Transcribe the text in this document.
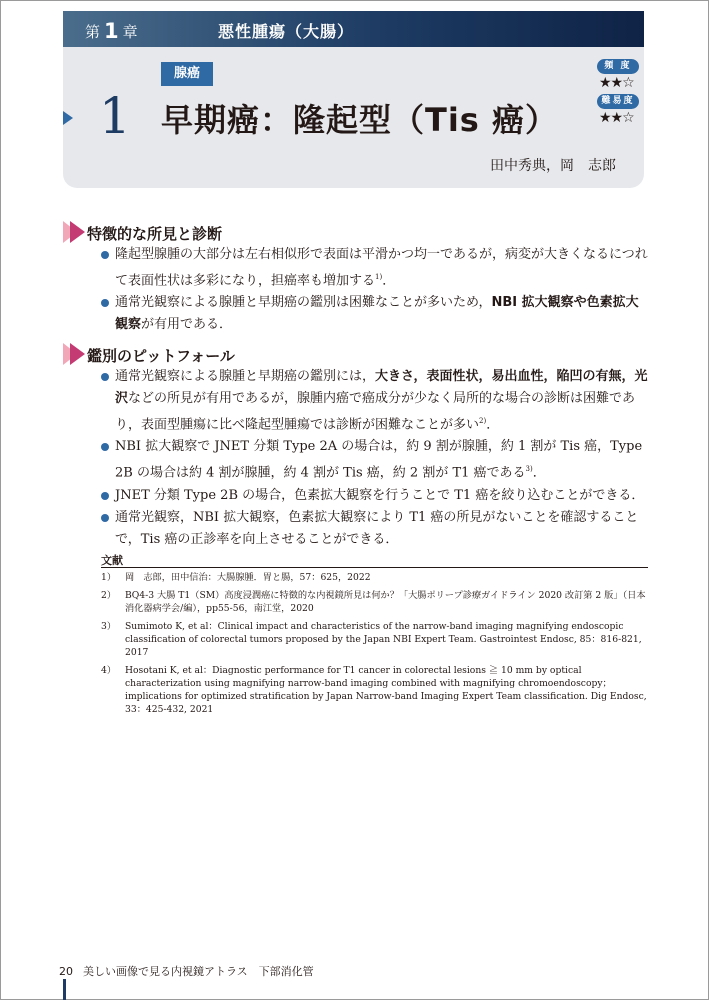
第 1 章	悪性腫瘍（大腸）
1
腺癌
早期癌：隆起型（Tis 癌）
田中秀典，岡　志郎
頻 度
★★☆
難易度
★★☆
特徴的な所見と診断
隆起型腺腫の大部分は左右相似形で表面は平滑かつ均一であるが，病変が大きくなるにつれて表面性状は多彩になり，担癌率も増加する$^{1)}$．
通常光観察による腺腫と早期癌の鑑別は困難なことが多いため，NBI 拡大観察や色素拡大観察が有用である．
鑑別のピットフォール
通常光観察による腺腫と早期癌の鑑別には，大きさ，表面性状，易出血性，陥凹の有無，光沢などの所見が有用であるが，腺腫内癌で癌成分が少なく局所的な場合の診断は困難であり，表面型腫瘍に比べ隆起型腫瘍では診断が困難なことが多い$^{2)}$．
NBI 拡大観察で JNET 分類 Type 2A の場合は，約 9 割が腺腫，約 1 割が Tis 癌，Type 2B の場合は約 4 割が腺腫，約 4 割が Tis 癌，約 2 割が T1 癌である$^{3)}$．
JNET 分類 Type 2B の場合，色素拡大観察を行うことで T1 癌を絞り込むことができる．
通常光観察，NBI 拡大観察，色素拡大観察により T1 癌の所見がないことを確認することで，Tis 癌の正診率を向上させることができる．
文献
1） 岡　志郎，田中信治：大腸腺腫．胃と腸，57：625，2022
2） BQ4-3 大腸 T1（SM）高度浸潤癌に特徴的な内視鏡所見は何か？「大腸ポリープ診療ガイドライン 2020 改訂第 2 版」（日本消化器病学会/編），pp55-56，南江堂，2020
3） Sumimoto K, et al：Clinical impact and characteristics of the narrow-band imaging magnifying endoscopic classification of colorectal tumors proposed by the Japan NBI Expert Team. Gastrointest Endosc, 85：816-821, 2017
4） Hosotani K, et al：Diagnostic performance for T1 cancer in colorectal lesions ≧ 10 mm by optical characterization using magnifying narrow-band imaging combined with magnifying chromoendoscopy；implications for optimized stratification by Japan Narrow-band Imaging Expert Team classification. Dig Endosc, 33：425-432, 2021
20 美しい画像で見る内視鏡アトラス　下部消化管
